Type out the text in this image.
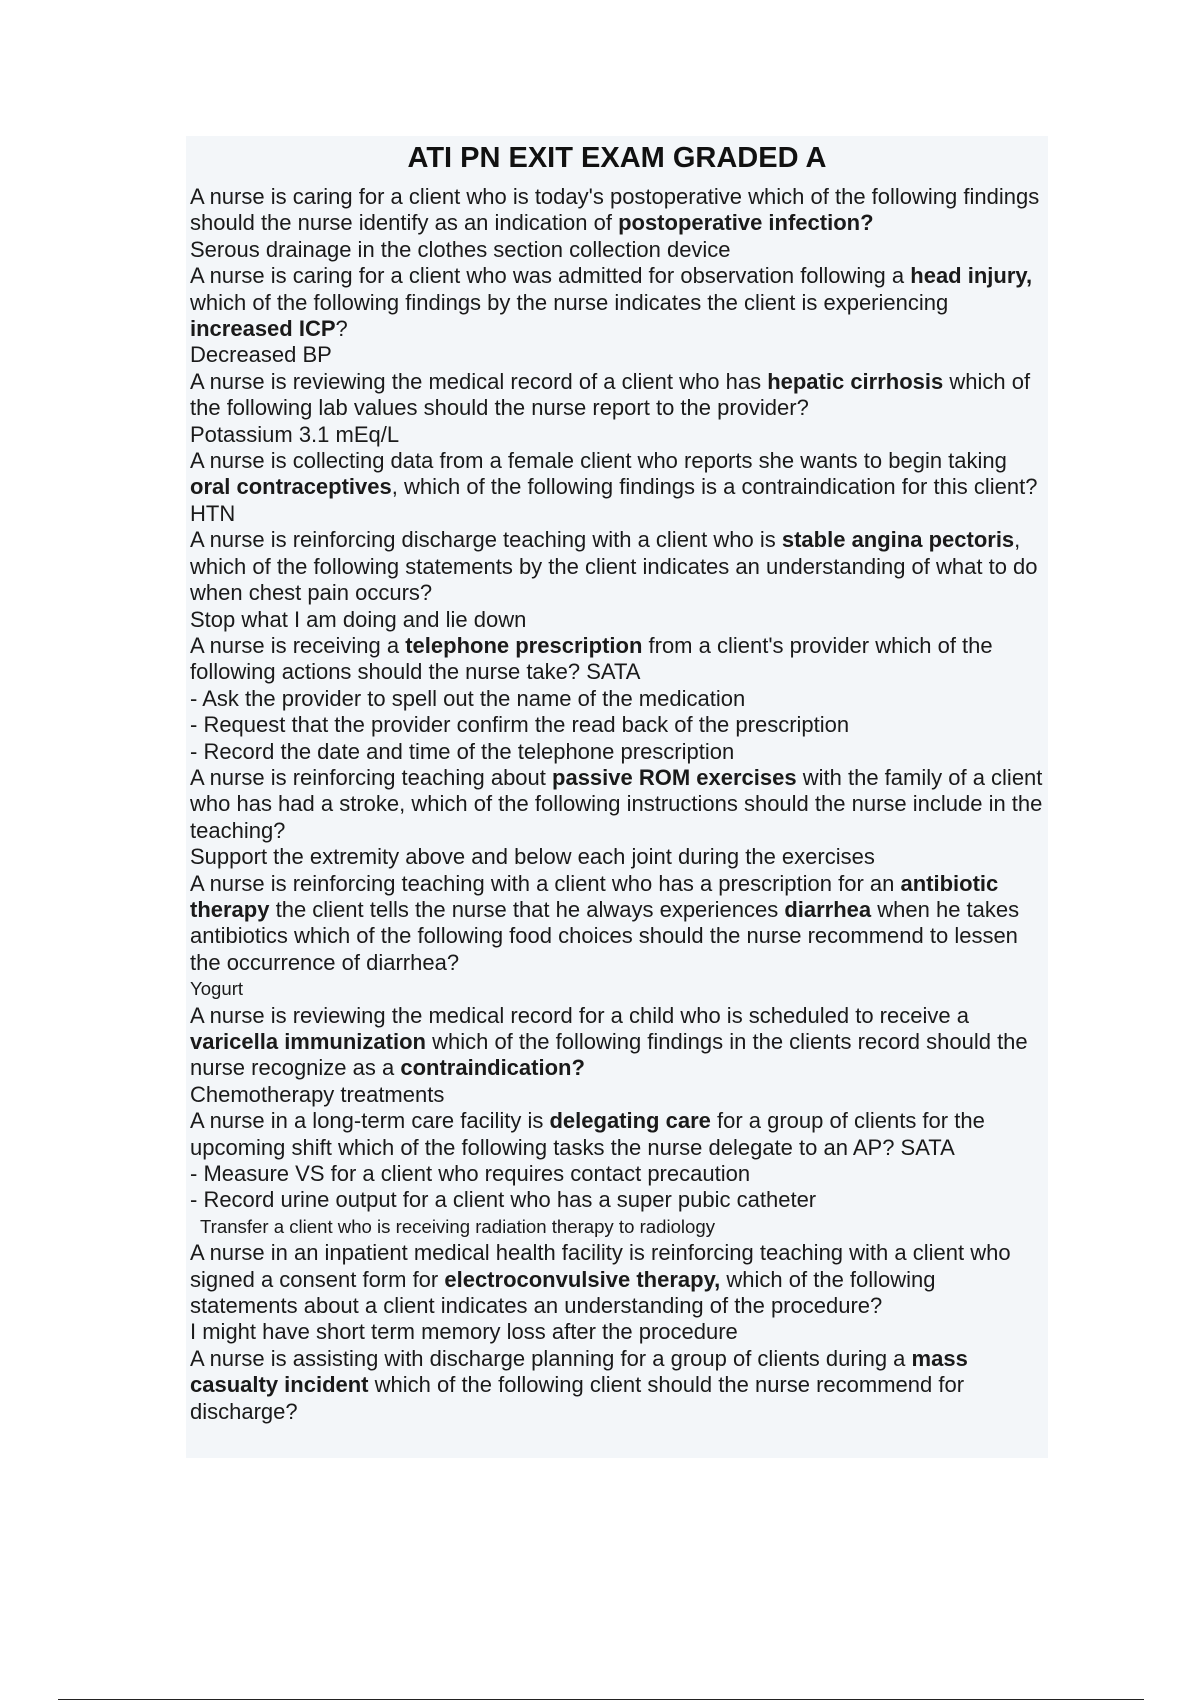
ATI PN EXIT EXAM GRADED A

A nurse is caring for a client who is today's postoperative which of the following findings should the nurse identify as an indication of postoperative infection?

Serous drainage in the clothes section collection device

A nurse is caring for a client who was admitted for observation following a head injury, which of the following findings by the nurse indicates the client is experiencing increased ICP?

Decreased BP

A nurse is reviewing the medical record of a client who has hepatic cirrhosis which of the following lab values should the nurse report to the provider?

Potassium 3.1 mEq/L

A nurse is collecting data from a female client who reports she wants to begin taking oral contraceptives, which of the following findings is a contraindication for this client?

HTN

A nurse is reinforcing discharge teaching with a client who is stable angina pectoris, which of the following statements by the client indicates an understanding of what to do when chest pain occurs?

Stop what I am doing and lie down

A nurse is receiving a telephone prescription from a client's provider which of the following actions should the nurse take? SATA

- Ask the provider to spell out the name of the medication

- Request that the provider confirm the read back of the prescription

- Record the date and time of the telephone prescription

A nurse is reinforcing teaching about passive ROM exercises with the family of a client who has had a stroke, which of the following instructions should the nurse include in the teaching?

Support the extremity above and below each joint during the exercises

A nurse is reinforcing teaching with a client who has a prescription for an antibiotic therapy the client tells the nurse that he always experiences diarrhea when he takes antibiotics which of the following food choices should the nurse recommend to lessen the occurrence of diarrhea?

Yogurt

A nurse is reviewing the medical record for a child who is scheduled to receive a varicella immunization which of the following findings in the clients record should the nurse recognize as a contraindication?

Chemotherapy treatments

A nurse in a long-term care facility is delegating care for a group of clients for the upcoming shift which of the following tasks the nurse delegate to an AP? SATA

- Measure VS for a client who requires contact precaution

- Record urine output for a client who has a super pubic catheter

Transfer a client who is receiving radiation therapy to radiology

A nurse in an inpatient medical health facility is reinforcing teaching with a client who signed a consent form for electroconvulsive therapy, which of the following statements about a client indicates an understanding of the procedure?

I might have short term memory loss after the procedure

A nurse is assisting with discharge planning for a group of clients during a mass casualty incident which of the following client should the nurse recommend for discharge?
